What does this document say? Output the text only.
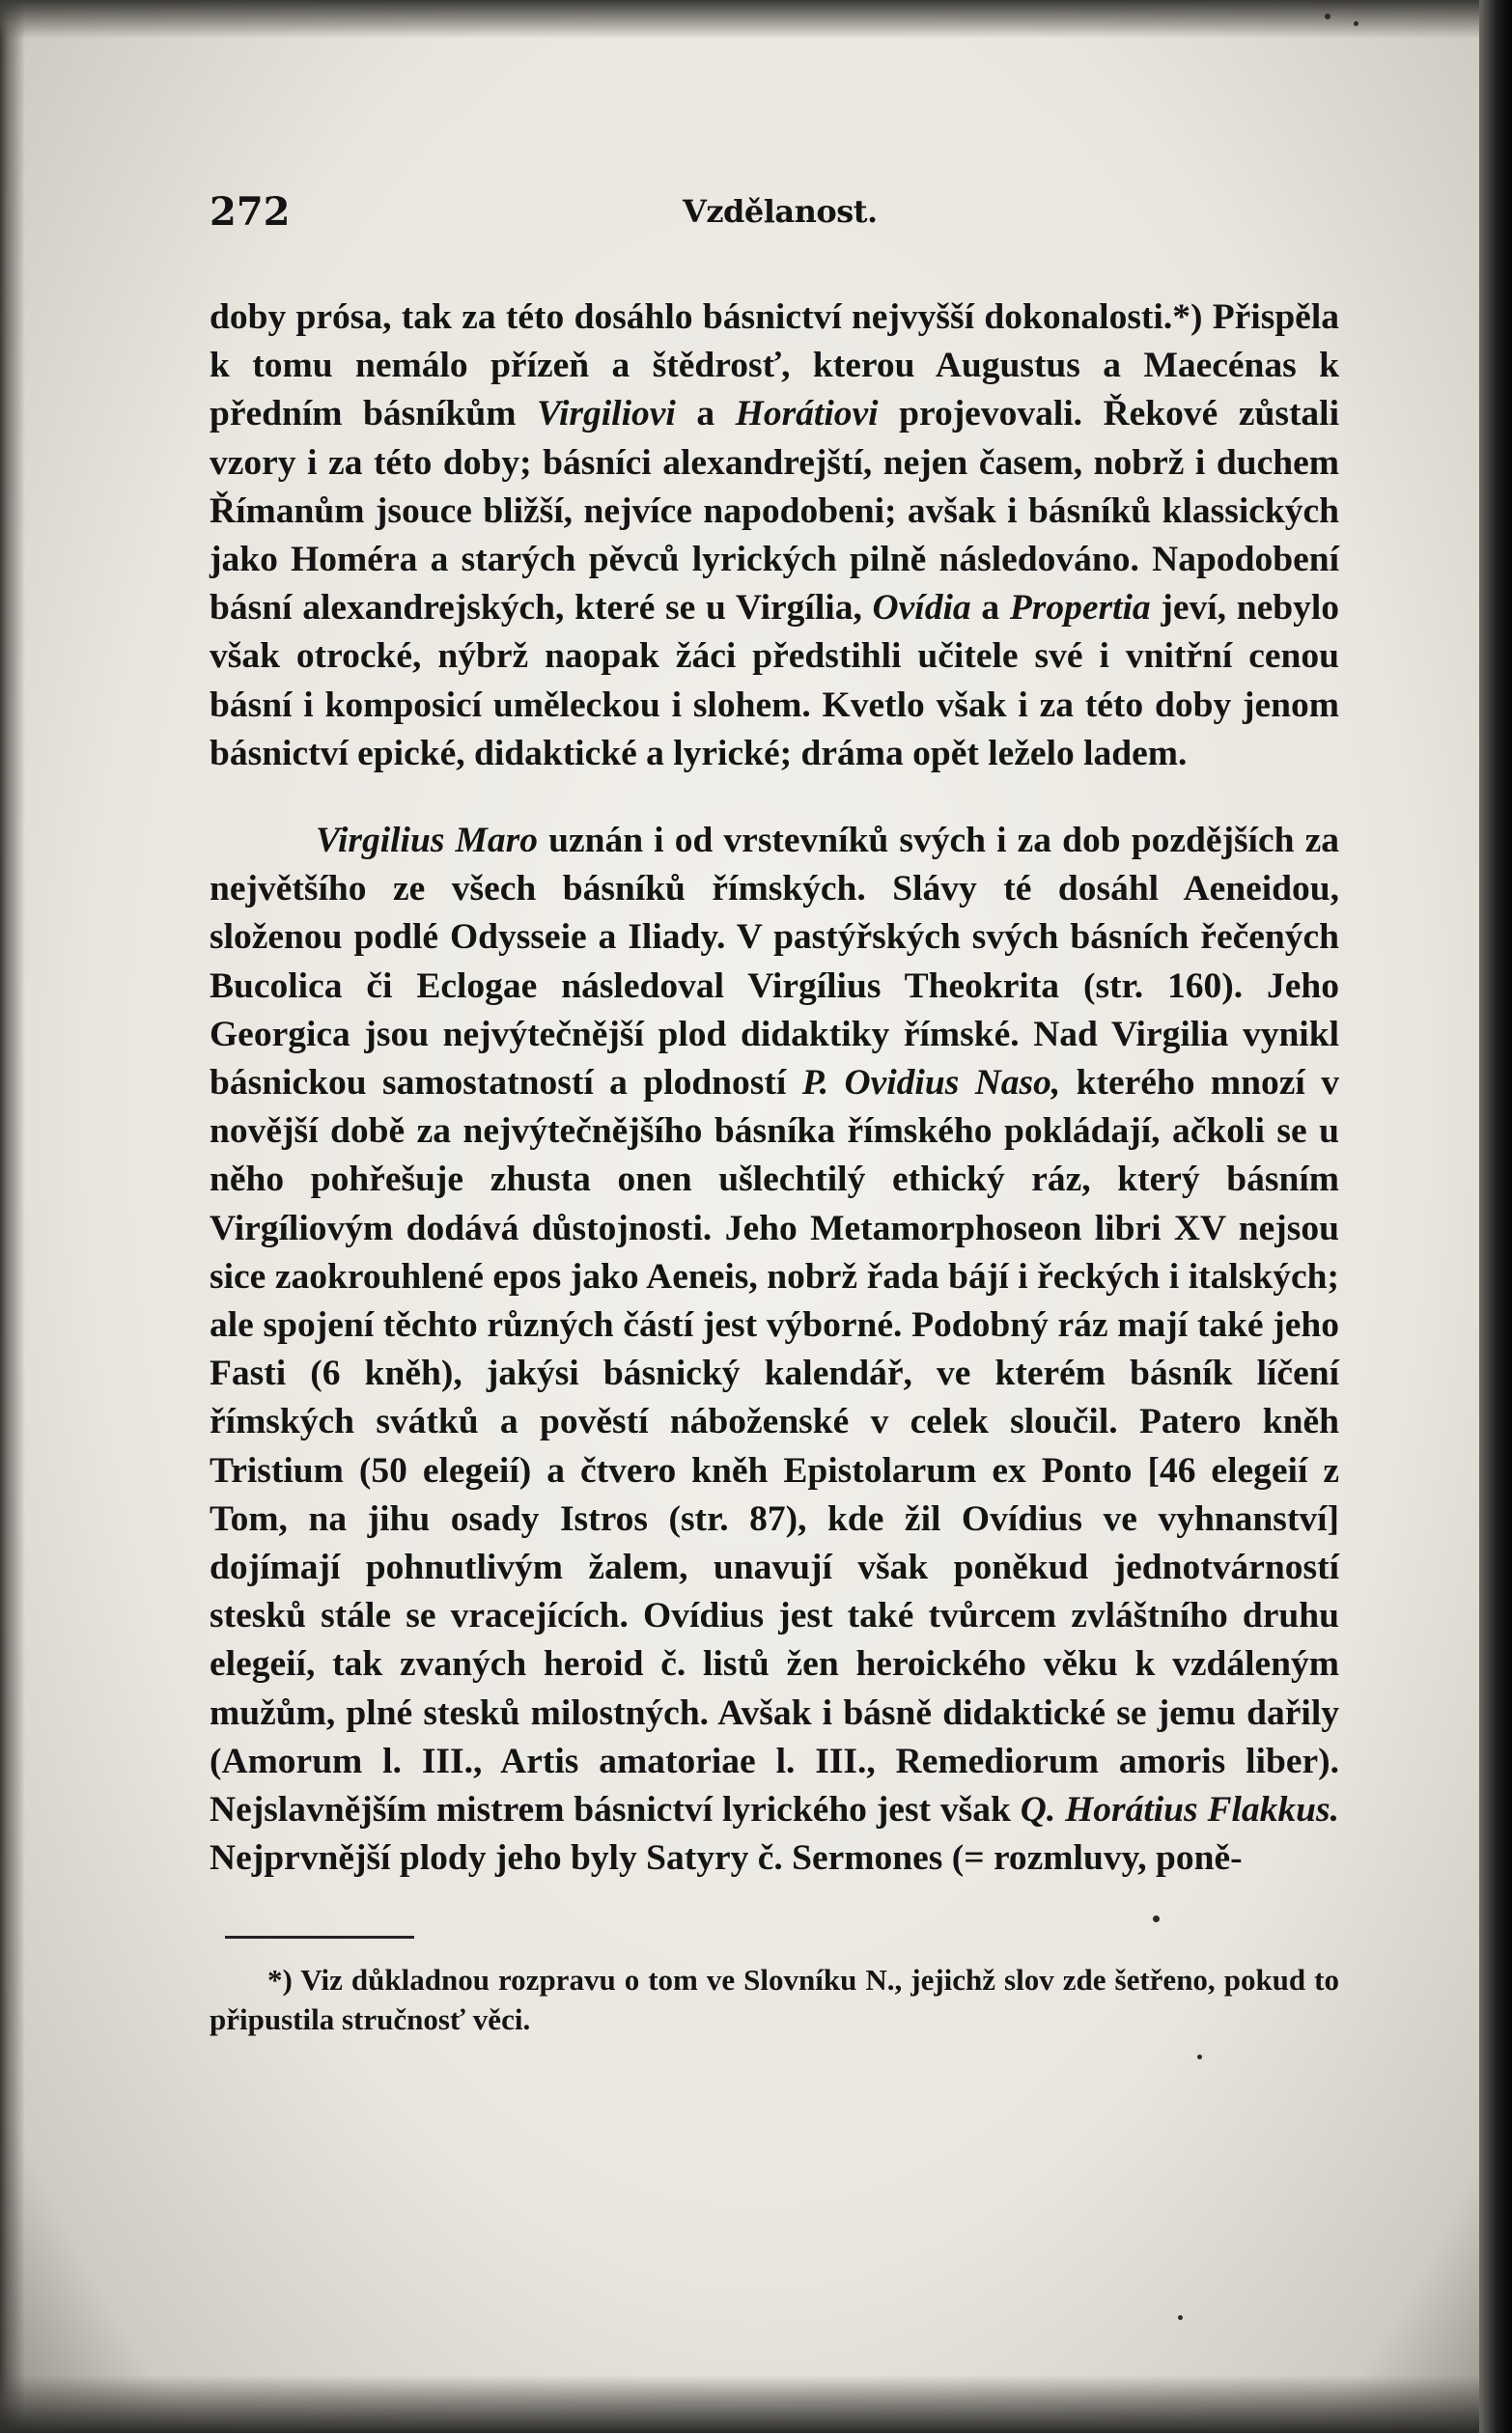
272	Vzdělanost.

doby prósa, tak za této dosáhlo básnictví nejvyšší dokonalosti.*) Přispěla k tomu nemálo přízeň a štědrosť, kterou Augustus a Maecénas k předním básníkům Virgiliovi a Horátiovi projevovali. Řekové zůstali vzory i za této doby; básníci alexandrejští, nejen časem, nobrž i duchem Římanům jsouce bližší, nejvíce napodobeni; avšak i básníků klassických jako Homéra a starých pěvců lyrických pilně následováno. Napodobení básní alexandrejských, které se u Virgília, Ovídia a Propertia jeví, nebylo však otrocké, nýbrž naopak žáci předstihli učitele své i vnitřní cenou básní i komposicí uměleckou i slohem. Kvetlo však i za této doby jenom básnictví epické, didaktické a lyrické; dráma opět leželo ladem.

Virgilius Maro uznán i od vrstevníků svých i za dob pozdějších za největšího ze všech básníků římských. Slávy té dosáhl Aeneidou, složenou podlé Odysseie a Iliady. V pastýřských svých básních řečených Bucolica či Eclogae následoval Virgílius Theokrita (str. 160). Jeho Georgica jsou nejvýtečnější plod didaktiky římské. Nad Virgilia vynikl básnickou samostatností a plodností P. Ovidius Naso, kterého mnozí v novější době za nejvýtečnějšího básníka římského pokládají, ačkoli se u něho pohřešuje zhusta onen ušlechtilý ethický ráz, který básním Virgíliovým dodává důstojnosti. Jeho Metamorphoseon libri XV nejsou sice zaokrouhlené epos jako Aeneis, nobrž řada bájí i řeckých i italských; ale spojení těchto různých částí jest výborné. Podobný ráz mají také jeho Fasti (6 kněh), jakýsi básnický kalendář, ve kterém básník líčení římských svátků a pověstí náboženské v celek sloučil. Patero kněh Tristium (50 elegeií) a čtvero kněh Epistolarum ex Ponto [46 elegeií z Tom, na jihu osady Istros (str. 87), kde žil Ovídius ve vyhnanství] dojímají pohnutlivým žalem, unavují však poněkud jednotvárností stesků stále se vracejících. Ovídius jest také tvůrcem zvláštního druhu elegeií, tak zvaných heroid č. listů žen heroického věku k vzdáleným mužům, plné stesků milostných. Avšak i básně didaktické se jemu dařily (Amorum l. III., Artis amatoriae l. III., Remediorum amoris liber). Nejslavnějším mistrem básnictví lyrického jest však Q. Horátius Flakkus. Nejprvnější plody jeho byly Satyry č. Sermones (= rozmluvy, poně-

*) Viz důkladnou rozpravu o tom ve Slovníku N., jejichž slov zde šetřeno, pokud to připustila stručnosť věci.
